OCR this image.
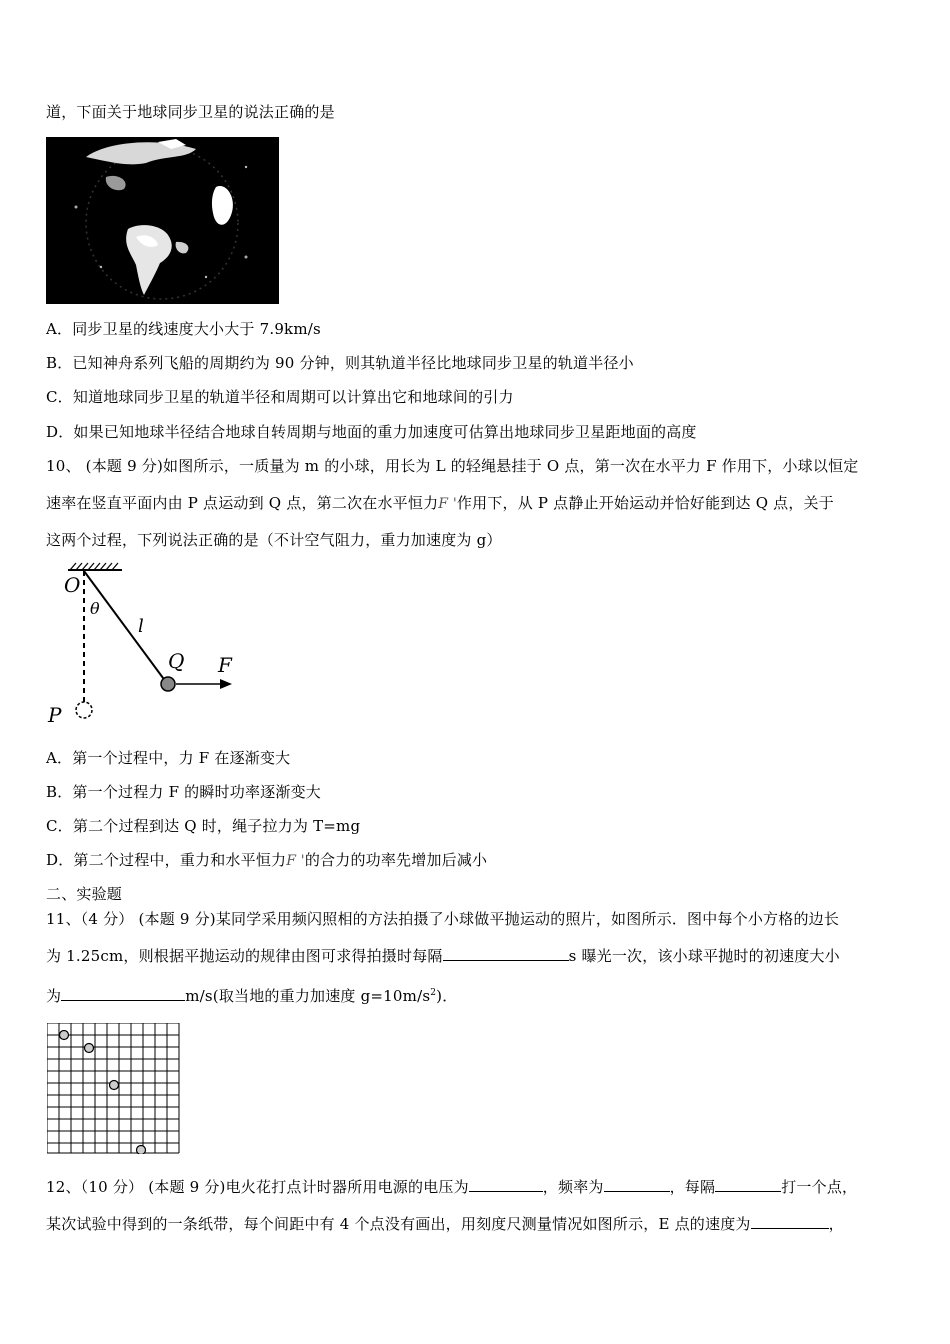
道，下面关于地球同步卫星的说法正确的是
A．同步卫星的线速度大小大于 7.9km/s
B．已知神舟系列飞船的周期约为 90 分钟，则其轨道半径比地球同步卫星的轨道半径小
C．知道地球同步卫星的轨道半径和周期可以计算出它和地球间的引力
D．如果已知地球半径结合地球自转周期与地面的重力加速度可估算出地球同步卫星距地面的高度
10、 (本题 9 分)如图所示，一质量为 m 的小球，用长为 L 的轻绳悬挂于 O 点，第一次在水平力 F 作用下，小球以恒定
速率在竖直平面内由 P 点运动到 Q 点，第二次在水平恒力F '作用下，从 P 点静止开始运动并恰好能到达 Q 点，关于
这两个过程，下列说法正确的是（不计空气阻力，重力加速度为 g）
O
θ
l
Q F
P
A．第一个过程中，力 F 在逐渐变大
B．第一个过程力 F 的瞬时功率逐渐变大
C．第二个过程到达 Q 时，绳子拉力为 T=mg
D．第二个过程中，重力和水平恒力F '的合力的功率先增加后减小
二、实验题
11、（4 分） (本题 9 分)某同学采用频闪照相的方法拍摄了小球做平抛运动的照片，如图所示．图中每个小方格的边长
为 1.25cm，则根据平抛运动的规律由图可求得拍摄时每隔	s 曝光一次，该小球平抛时的初速度大小
为	m/s(取当地的重力加速度 $g=10m/s^2$)．
12、（10 分） (本题 9 分)电火花打点计时器所用电源的电压为	，频率为	，每隔	打一个点，
某次试验中得到的一条纸带，每个间距中有 4 个点没有画出，用刻度尺测量情况如图所示，E 点的速度为	，
